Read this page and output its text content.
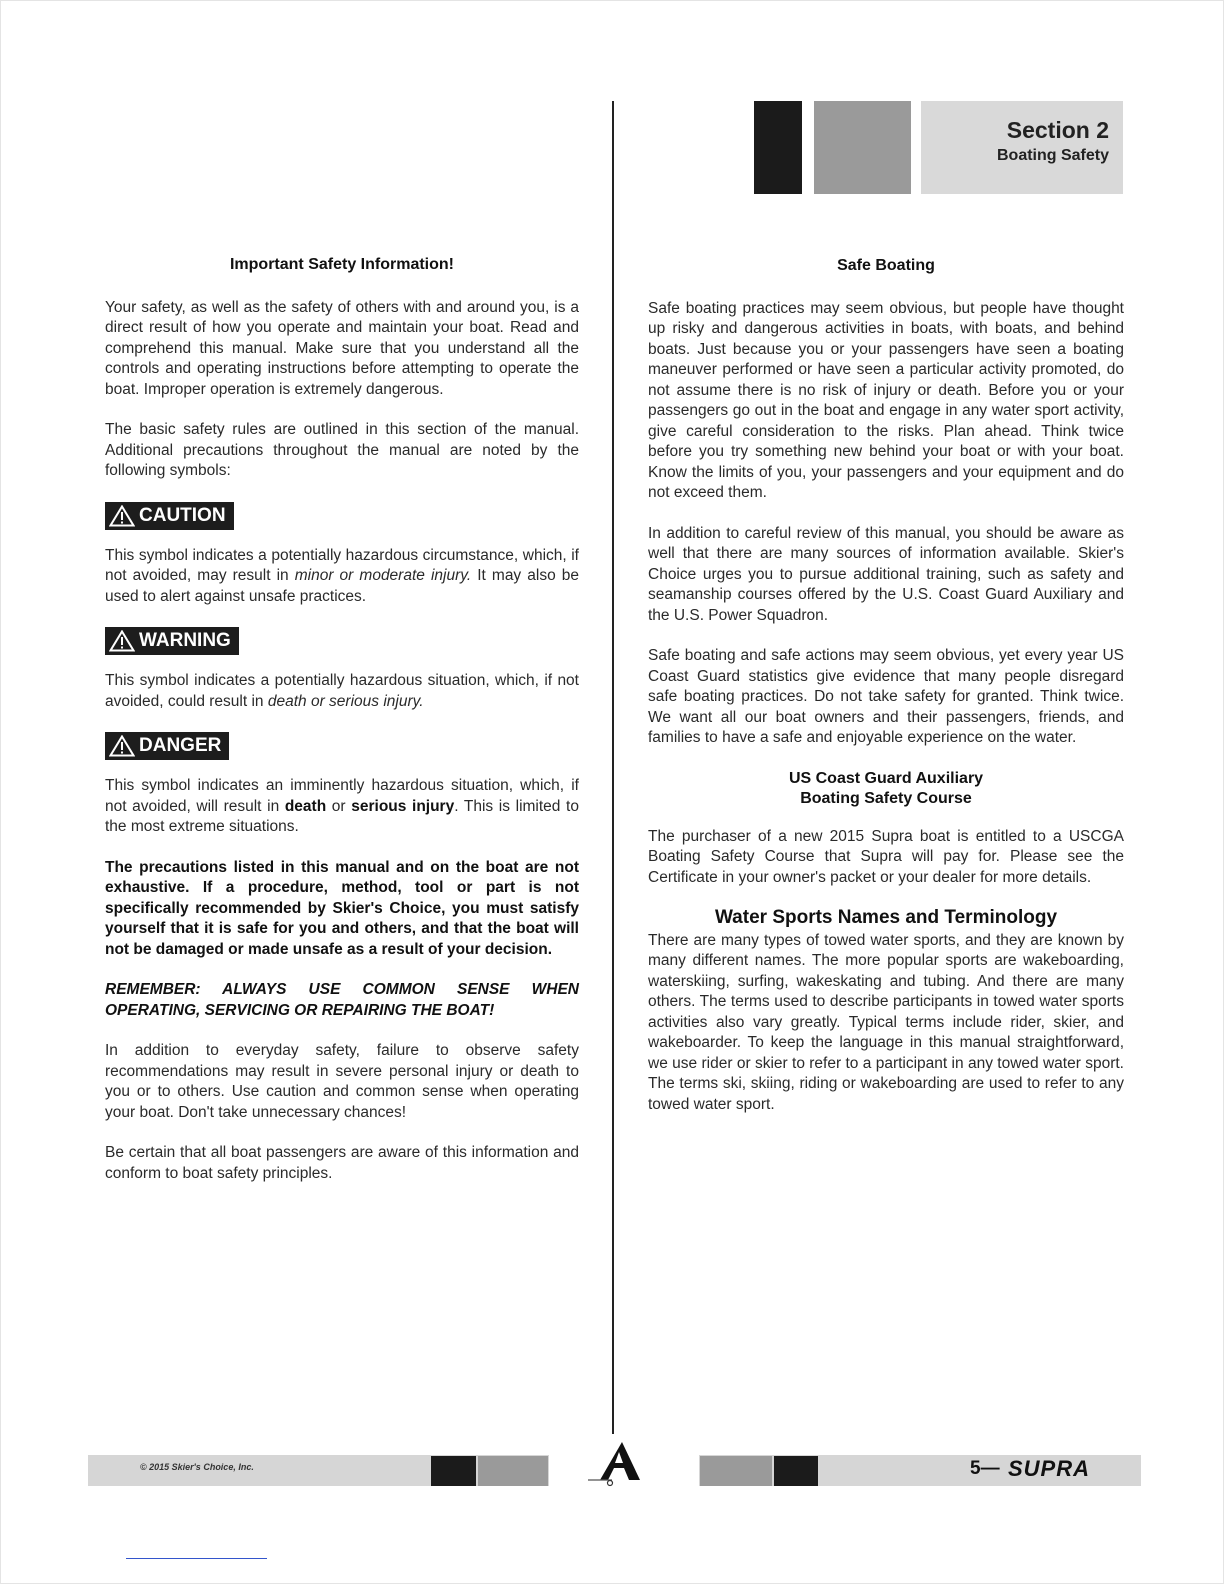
Section 2
Boating Safety
Important Safety Information!

Your safety, as well as the safety of others with and around you, is a direct result of how you operate and maintain your boat. Read and comprehend this manual. Make sure that you understand all the controls and operating instructions before attempting to operate the boat. Improper operation is extremely dangerous.

The basic safety rules are outlined in this section of the manual. Additional precautions throughout the manual are noted by the following symbols:

CAUTION

This symbol indicates a potentially hazardous circumstance, which, if not avoided, may result in minor or moderate injury. It may also be used to alert against unsafe practices.

WARNING

This symbol indicates a potentially hazardous situation, which, if not avoided, could result in death or serious injury.

DANGER

This symbol indicates an imminently hazardous situation, which, if not avoided, will result in death or serious injury. This is limited to the most extreme situations.

The precautions listed in this manual and on the boat are not exhaustive. If a procedure, method, tool or part is not specifically recommended by Skier's Choice, you must satisfy yourself that it is safe for you and others, and that the boat will not be damaged or made unsafe as a result of your decision.

REMEMBER: ALWAYS USE COMMON SENSE WHEN OPERATING, SERVICING OR REPAIRING THE BOAT!

In addition to everyday safety, failure to observe safety recommendations may result in severe personal injury or death to you or to others. Use caution and common sense when operating your boat. Don't take unnecessary chances!

Be certain that all boat passengers are aware of this information and conform to boat safety principles.

Safe Boating

Safe boating practices may seem obvious, but people have thought up risky and dangerous activities in boats, with boats, and behind boats. Just because you or your passengers have seen a boating maneuver performed or have seen a particular activity promoted, do not assume there is no risk of injury or death. Before you or your passengers go out in the boat and engage in any water sport activity, give careful consideration to the risks. Plan ahead. Think twice before you try something new behind your boat or with your boat. Know the limits of you, your passengers and your equipment and do not exceed them.

In addition to careful review of this manual, you should be aware as well that there are many sources of information available. Skier's Choice urges you to pursue additional training, such as safety and seamanship courses offered by the U.S. Coast Guard Auxiliary and the U.S. Power Squadron.

Safe boating and safe actions may seem obvious, yet every year US Coast Guard statistics give evidence that many people disregard safe boating practices. Do not take safety for granted. Think twice. We want all our boat owners and their passengers, friends, and families to have a safe and enjoyable experience on the water.

US Coast Guard Auxiliary
Boating Safety Course

The purchaser of a new 2015 Supra boat is entitled to a USCGA Boating Safety Course that Supra will pay for. Please see the Certificate in your owner's packet or your dealer for more details.

Water Sports Names and Terminology

There are many types of towed water sports, and they are known by many different names. The more popular sports are wakeboarding, waterskiing, surfing, wakeskating and tubing. And there are many others. The terms used to describe participants in towed water sports activities also vary greatly. Typical terms include rider, skier, and wakeboarder. To keep the language in this manual straightforward, we use rider or skier to refer to a participant in any towed water sport. The terms ski, skiing, riding or wakeboarding are used to refer to any towed water sport.

© 2015 Skier's Choice, Inc.	5— SUPRA
